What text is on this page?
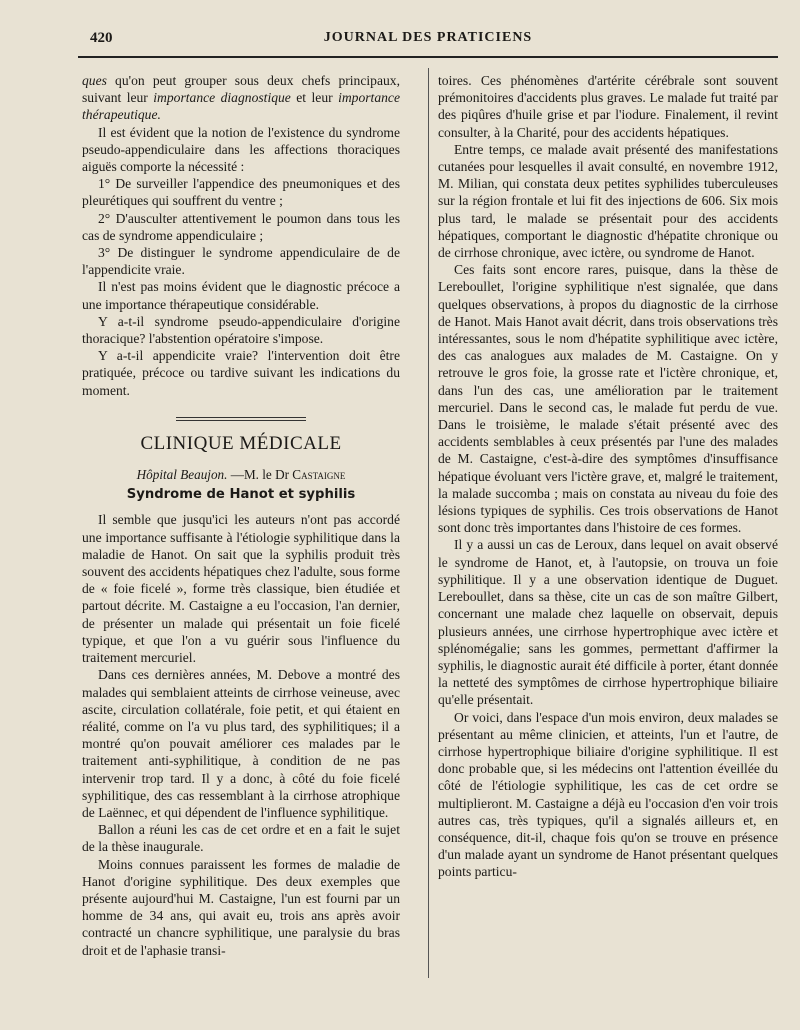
420	JOURNAL DES PRATICIENS

ques qu'on peut grouper sous deux chefs principaux, suivant leur importance diagnostique et leur importance thérapeutique.

Il est évident que la notion de l'existence du syndrome pseudo-appendiculaire dans les affections thoraciques aiguës comporte la nécessité :

1° De surveiller l'appendice des pneumoniques et des pleurétiques qui souffrent du ventre ;

2° D'ausculter attentivement le poumon dans tous les cas de syndrome appendiculaire ;

3° De distinguer le syndrome appendiculaire de de l'appendicite vraie.

Il n'est pas moins évident que le diagnostic précoce a une importance thérapeutique considérable.

Y a-t-il syndrome pseudo-appendiculaire d'origine thoracique? l'abstention opératoire s'impose.

Y a-t-il appendicite vraie? l'intervention doit être pratiquée, précoce ou tardive suivant les indications du moment.

CLINIQUE MÉDICALE
Hôpital Beaujon. —M. le Dr Castaigne
Syndrome de Hanot et syphilis

Il semble que jusqu'ici les auteurs n'ont pas accordé une importance suffisante à l'étiologie syphilitique dans la maladie de Hanot. On sait que la syphilis produit très souvent des accidents hépatiques chez l'adulte, sous forme de « foie ficelé », forme très classique, bien étudiée et partout décrite. M. Castaigne a eu l'occasion, l'an dernier, de présenter un malade qui présentait un foie ficelé typique, et que l'on a vu guérir sous l'influence du traitement mercuriel.

Dans ces dernières années, M. Debove a montré des malades qui semblaient atteints de cirrhose veineuse, avec ascite, circulation collatérale, foie petit, et qui étaient en réalité, comme on l'a vu plus tard, des syphilitiques; il a montré qu'on pouvait améliorer ces malades par le traitement anti-syphilitique, à condition de ne pas intervenir trop tard. Il y a donc, à côté du foie ficelé syphilitique, des cas ressemblant à la cirrhose atrophique de Laënnec, et qui dépendent de l'influence syphilitique.

Ballon a réuni les cas de cet ordre et en a fait le sujet de la thèse inaugurale.

Moins connues paraissent les formes de maladie de Hanot d'origine syphilitique. Des deux exemples que présente aujourd'hui M. Castaigne, l'un est fourni par un homme de 34 ans, qui avait eu, trois ans après avoir contracté un chancre syphilitique, une paralysie du bras droit et de l'aphasie transi-

toires. Ces phénomènes d'artérite cérébrale sont souvent prémonitoires d'accidents plus graves. Le malade fut traité par des piqûres d'huile grise et par l'iodure. Finalement, il revint consulter, à la Charité, pour des accidents hépatiques.

Entre temps, ce malade avait présenté des manifestations cutanées pour lesquelles il avait consulté, en novembre 1912, M. Milian, qui constata deux petites syphilides tuberculeuses sur la région frontale et lui fit des injections de 606. Six mois plus tard, le malade se présentait pour des accidents hépatiques, comportant le diagnostic d'hépatite chronique ou de cirrhose chronique, avec ictère, ou syndrome de Hanot.

Ces faits sont encore rares, puisque, dans la thèse de Lereboullet, l'origine syphilitique n'est signalée, que dans quelques observations, à propos du diagnostic de la cirrhose de Hanot. Mais Hanot avait décrit, dans trois observations très intéressantes, sous le nom d'hépatite syphilitique avec ictère, des cas analogues aux malades de M. Castaigne. On y retrouve le gros foie, la grosse rate et l'ictère chronique, et, dans l'un des cas, une amélioration par le traitement mercuriel. Dans le second cas, le malade fut perdu de vue. Dans le troisième, le malade s'était présenté avec des accidents semblables à ceux présentés par l'une des malades de M. Castaigne, c'est-à-dire des symptômes d'insuffisance hépatique évoluant vers l'ictère grave, et, malgré le traitement, la malade succomba ; mais on constata au niveau du foie des lésions typiques de syphilis. Ces trois observations de Hanot sont donc très importantes dans l'histoire de ces formes.

Il y a aussi un cas de Leroux, dans lequel on avait observé le syndrome de Hanot, et, à l'autopsie, on trouva un foie syphilitique. Il y a une observation identique de Duguet. Lereboullet, dans sa thèse, cite un cas de son maître Gilbert, concernant une malade chez laquelle on observait, depuis plusieurs années, une cirrhose hypertrophique avec ictère et splénomégalie; sans les gommes, permettant d'affirmer la syphilis, le diagnostic aurait été difficile à porter, étant donnée la netteté des symptômes de cirrhose hypertrophique biliaire qu'elle présentait.

Or voici, dans l'espace d'un mois environ, deux malades se présentant au même clinicien, et atteints, l'un et l'autre, de cirrhose hypertrophique biliaire d'origine syphilitique. Il est donc probable que, si les médecins ont l'attention éveillée du côté de l'étiologie syphilitique, les cas de cet ordre se multiplieront. M. Castaigne a déjà eu l'occasion d'en voir trois autres cas, très typiques, qu'il a signalés ailleurs et, en conséquence, dit-il, chaque fois qu'on se trouve en présence d'un malade ayant un syndrome de Hanot présentant quelques points particu-
